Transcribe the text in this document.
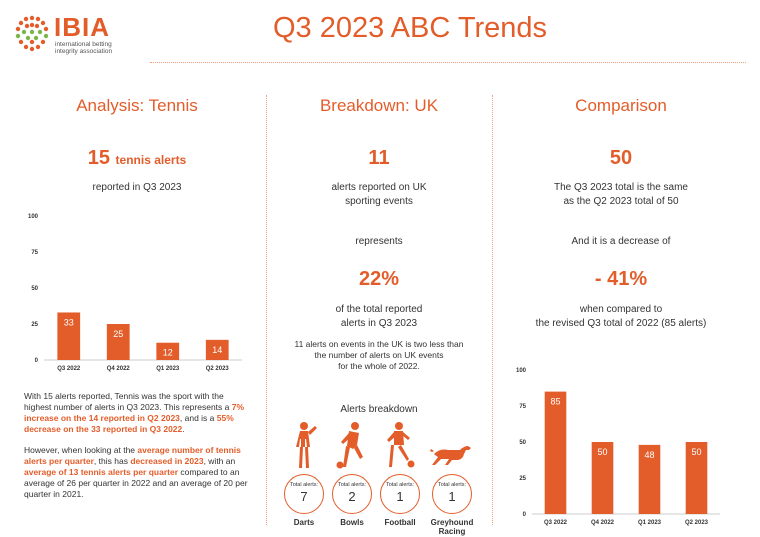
IBIA
international betting integrity association
Q3 2023 ABC Trends
Analysis: Tennis
15 tennis alerts
reported in Q3 2023
0
25
50
75
100
33
Q3 2022
25
Q4 2022
12
Q1 2023
14
Q2 2023

With 15 alerts reported, Tennis was the sport with the highest number of alerts in Q3 2023. This represents a 7% increase on the 14 reported in Q2 2023, and is a 55% decrease on the 33 reported in Q3 2022.

However, when looking at the average number of tennis alerts per quarter, this has decreased in 2023, with an average of 13 tennis alerts per quarter compared to an average of 26 per quarter in 2022 and an average of 20 per quarter in 2021.

Breakdown: UK
11
alerts reported on UK
sporting events
represents
22%
of the total reported
alerts in Q3 2023
11 alerts on events in the UK is two less than
the number of alerts on UK events
for the whole of 2022.
Alerts breakdown
Total alerts:
7
Darts
Total alerts:
2
Bowls
Total alerts:
1
Football
Total alerts:
1
Greyhound
Racing
Comparison
50
The Q3 2023 total is the same
as the Q2 2023 total of 50
And it is a decrease of
- 41%
when compared to
the revised Q3 total of 2022 (85 alerts)
0
25
50
75
100
85
Q3 2022
50
Q4 2022
48
Q1 2023
50
Q2 2023
